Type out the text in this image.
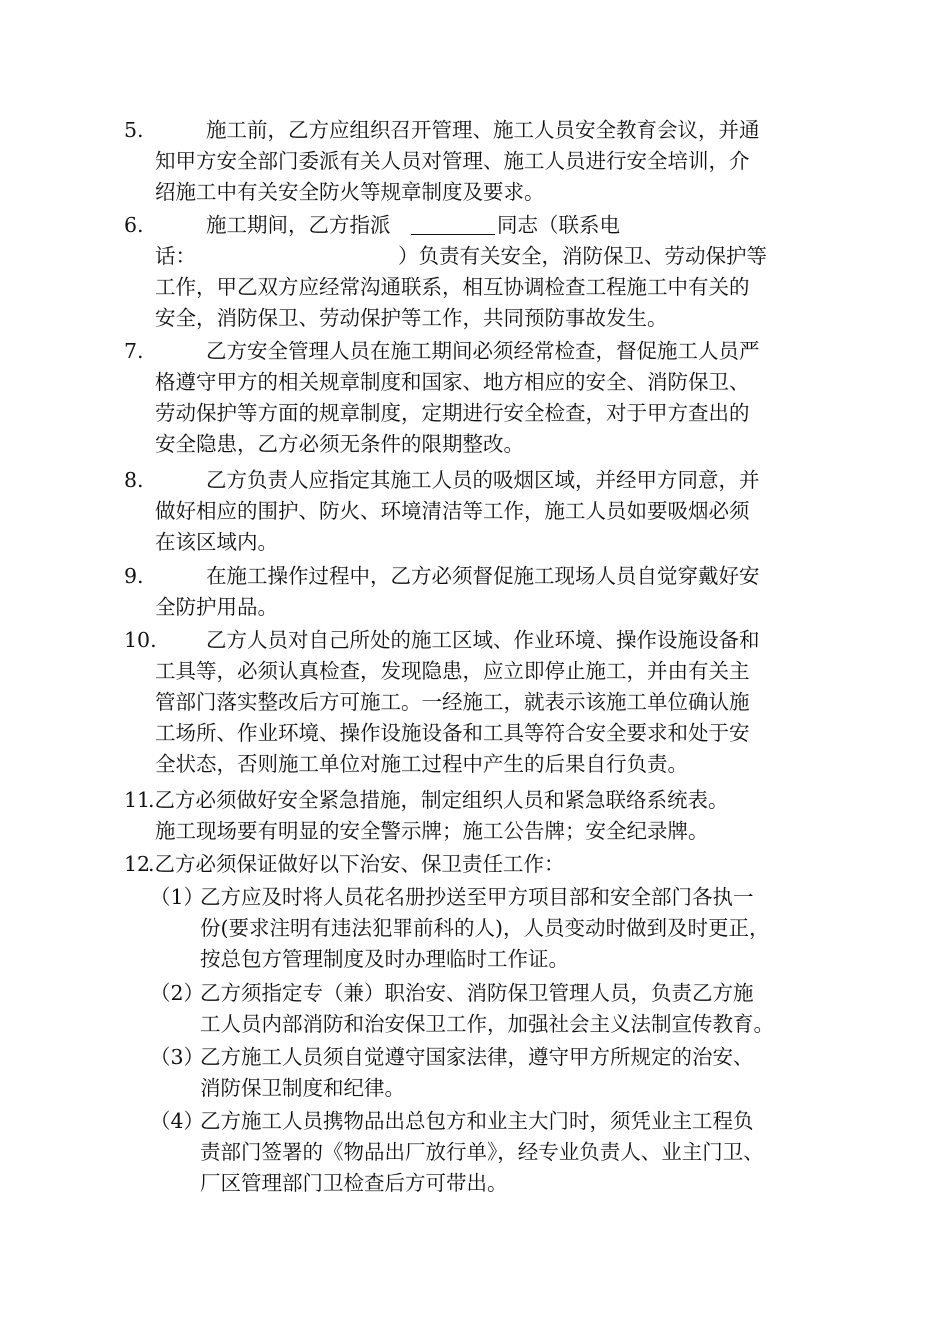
5.	施工前，乙方应组织召开管理、施工人员安全教育会议，并通
知甲方安全部门委派有关人员对管理、施工人员进行安全培训，介
绍施工中有关安全防火等规章制度及要求。
6.	施工期间，乙方指派	同志（联系电
话：	）负责有关安全，消防保卫、劳动保护等
工作，甲乙双方应经常沟通联系，相互协调检查工程施工中有关的
安全，消防保卫、劳动保护等工作，共同预防事故发生。
7.	乙方安全管理人员在施工期间必须经常检查，督促施工人员严
格遵守甲方的相关规章制度和国家、地方相应的安全、消防保卫、
劳动保护等方面的规章制度，定期进行安全检查，对于甲方查出的
安全隐患，乙方必须无条件的限期整改。
8.	乙方负责人应指定其施工人员的吸烟区域，并经甲方同意，并
做好相应的围护、防火、环境清洁等工作，施工人员如要吸烟必须
在该区域内。
9.	在施工操作过程中，乙方必须督促施工现场人员自觉穿戴好安
全防护用品。
10. 乙方人员对自己所处的施工区域、作业环境、操作设施设备和
工具等，必须认真检查，发现隐患，应立即停止施工，并由有关主
管部门落实整改后方可施工。一经施工，就表示该施工单位确认施
工场所、作业环境、操作设施设备和工具等符合安全要求和处于安
全状态，否则施工单位对施工过程中产生的后果自行负责。
11
.乙方必须做好安全紧急措施，制定组织人员和紧急联络系统表。
施工现场要有明显的安全警示牌；施工公告牌；安全纪录牌。
12
.乙方必须保证做好以下治安、保卫责任工作：
（1）
乙方应及时将人员花名册抄送至甲方项目部和安全部门各执一
份(要求注明有违法犯罪前科的人)，人员变动时做到及时更正，
按总包方管理制度及时办理临时工作证。
（2）
乙方须指定专（兼）职治安、消防保卫管理人员，负责乙方施
工人员内部消防和治安保卫工作，加强社会主义法制宣传教育。
（3）
乙方施工人员须自觉遵守国家法律，遵守甲方所规定的治安、
消防保卫制度和纪律。
（4）
乙方施工人员携物品出总包方和业主大门时，须凭业主工程负
责部门签署的《物品出厂放行单》，经专业负责人、业主门卫、
厂区管理部门卫检查后方可带出。
